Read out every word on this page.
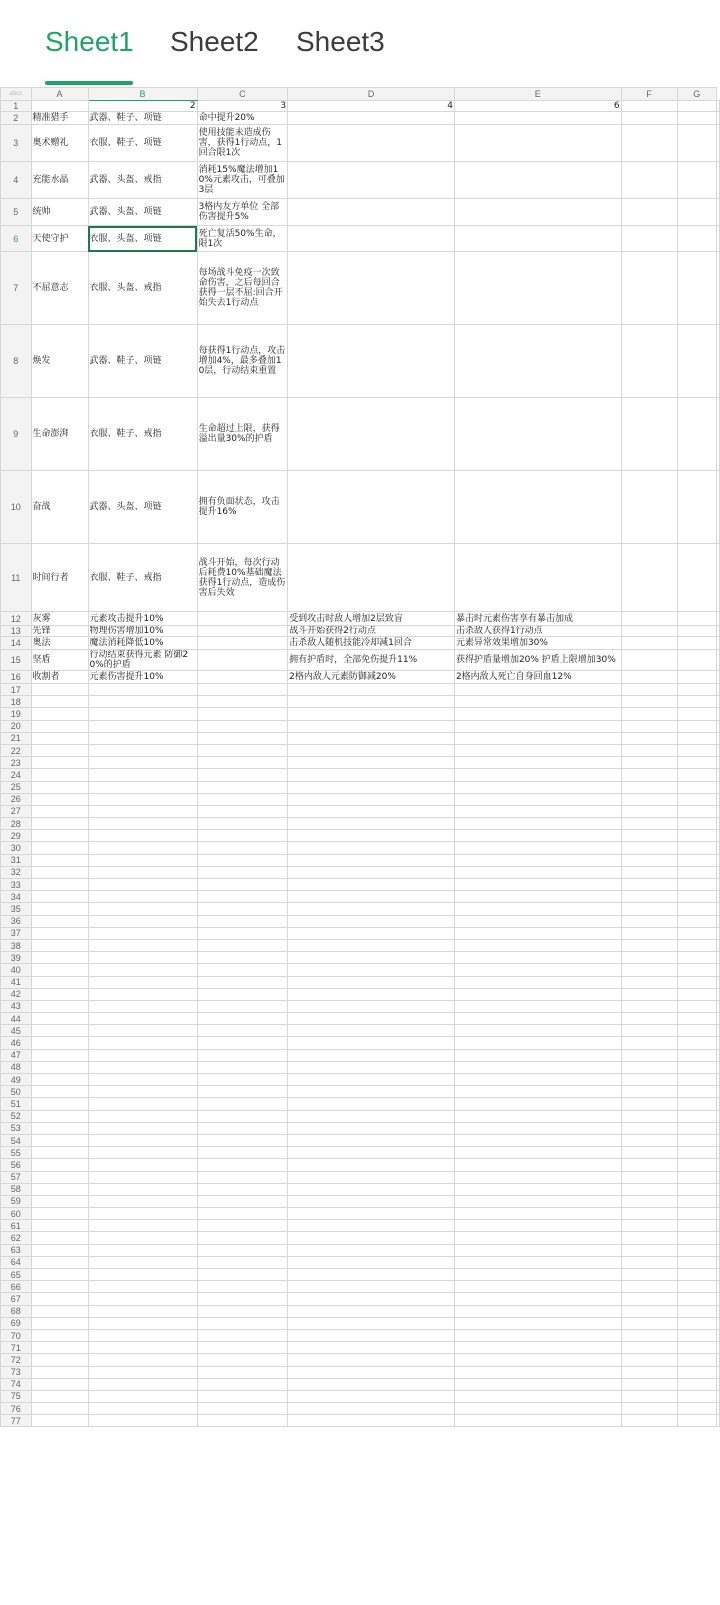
Sheet1 Sheet2 Sheet3
abcs	A	B	C	D	E	F	G	
1		2	3	4	6			
2	精准猎手	武器、鞋子、项链	命中提升20%					
3	奥术赠礼	衣服、鞋子、项链	使用技能未造成伤害，获得1行动点，1回合限1次					
4	充能水晶	武器、头盔、戒指	消耗15%魔法增加10%元素攻击，可叠加3层					
5	统帅	武器、头盔、项链	3格内友方单位 全部伤害提升5%					
6	天使守护	衣服、头盔、项链	死亡复活50%生命，限1次					
7	不屈意志	衣服、头盔、戒指	每场战斗免疫一次致命伤害，之后每回合获得一层不屈:回合开始失去1行动点					
8	焕发	武器、鞋子、项链	每获得1行动点，攻击增加4%，最多叠加10层，行动结束重置					
9	生命澎湃	衣服、鞋子、戒指	生命超过上限，获得溢出量30%的护盾					
10	奋战	武器、头盔、项链	拥有负面状态，攻击提升16%					
11	时间行者	衣服、鞋子、戒指	战斗开始，每次行动后耗费10%基础魔法获得1行动点，造成伤害后失效					
12	灰雾	元素攻击提升10%		受到攻击时敌人增加2层致盲	暴击时元素伤害享有暴击加成			
13	先锋	物理伤害增加10%		战斗开始获得2行动点	击杀敌人获得1行动点			
14	奥法	魔法消耗降低10%		击杀敌人随机技能冷却减1回合	元素异常效果增加30%			
15	坚盾	行动结束获得元素 防御20%的护盾		拥有护盾时，全部免伤提升11%	获得护盾量增加20% 护盾上限增加30%			
16	收割者	元素伤害提升10%		2格内敌人元素防御减20%	2格内敌人死亡自身回血12%			
17								
18								
19								
20								
21								
22								
23								
24								
25								
26								
27								
28								
29								
30								
31								
32								
33								
34								
35								
36								
37								
38								
39								
40								
41								
42								
43								
44								
45								
46								
47								
48								
49								
50								
51								
52								
53								
54								
55								
56								
57								
58								
59								
60								
61								
62								
63								
64								
65								
66								
67								
68								
69								
70								
71								
72								
73								
74								
75								
76								
77								
